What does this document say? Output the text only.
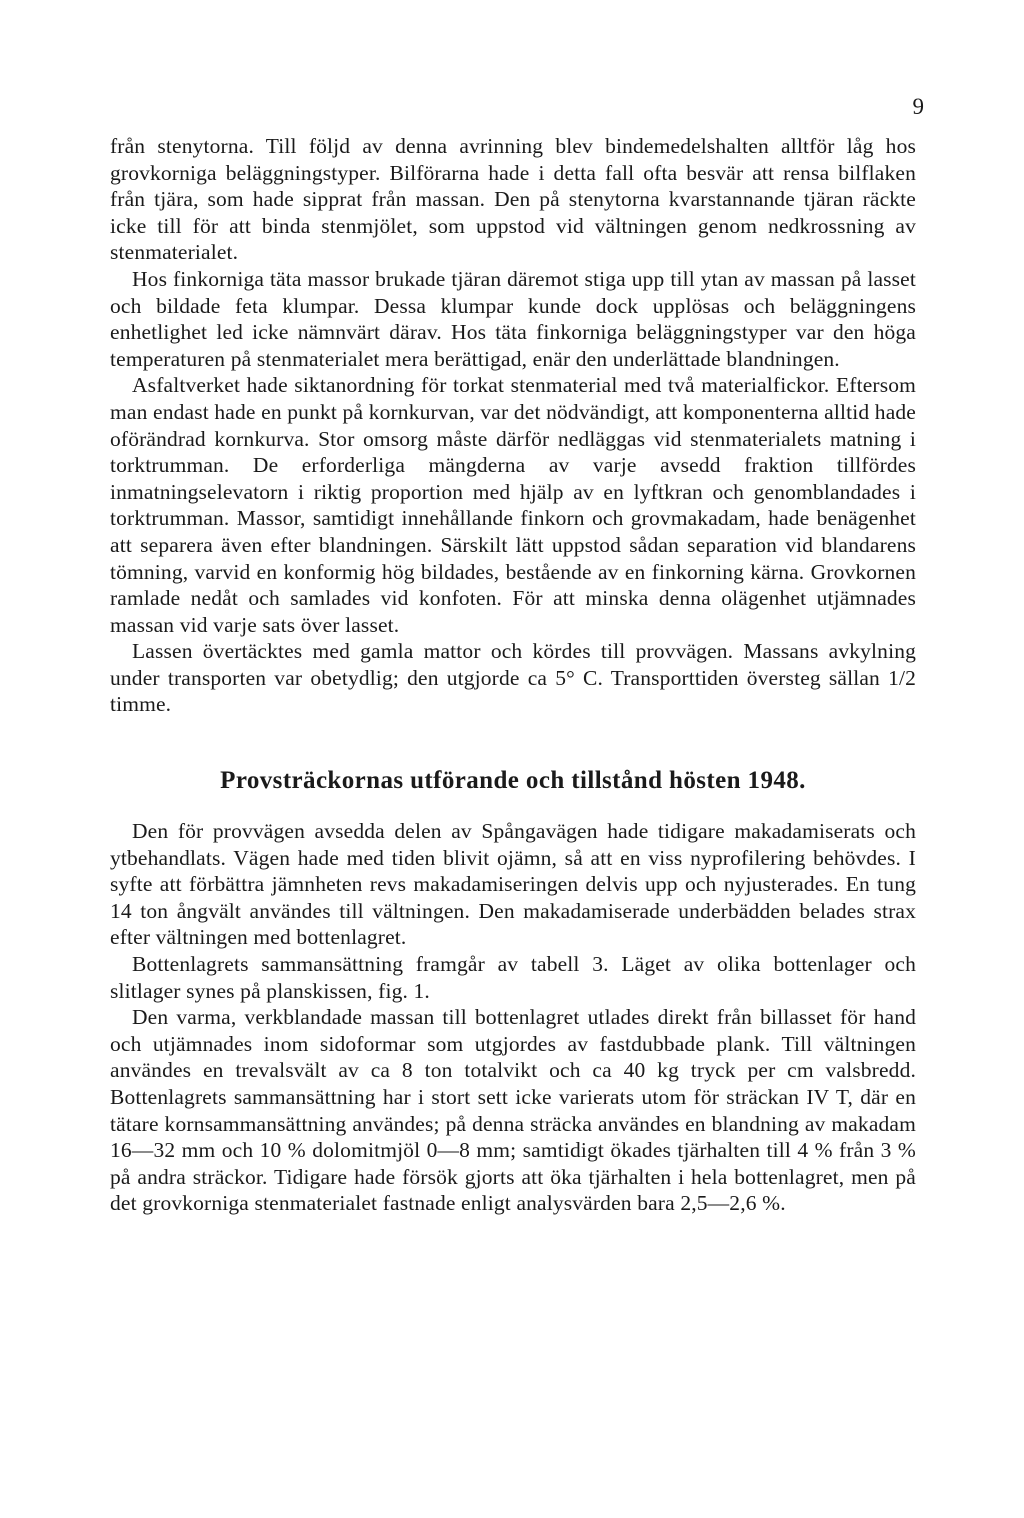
9

från stenytorna. Till följd av denna avrinning blev bindemedelshalten alltför låg hos grovkorniga beläggningstyper. Bilförarna hade i detta fall ofta besvär att rensa bilflaken från tjära, som hade sipprat från massan. Den på stenytorna kvarstannande tjäran räckte icke till för att binda stenmjölet, som uppstod vid vältningen genom nedkrossning av stenmaterialet.

Hos finkorniga täta massor brukade tjäran däremot stiga upp till ytan av massan på lasset och bildade feta klumpar. Dessa klumpar kunde dock upplösas och beläggningens enhetlighet led icke nämnvärt därav. Hos täta finkorniga beläggningstyper var den höga temperaturen på stenmaterialet mera berättigad, enär den underlättade blandningen.

Asfaltverket hade siktanordning för torkat stenmaterial med två materialfickor. Eftersom man endast hade en punkt på kornkurvan, var det nödvändigt, att komponenterna alltid hade oförändrad kornkurva. Stor omsorg måste därför nedläggas vid stenmaterialets matning i torktrumman. De erforderliga mängderna av varje avsedd fraktion tillfördes inmatningselevatorn i riktig proportion med hjälp av en lyftkran och genomblandades i torktrumman. Massor, samtidigt innehållande finkorn och grovmakadam, hade benägenhet att separera även efter blandningen. Särskilt lätt uppstod sådan separation vid blandarens tömning, varvid en konformig hög bildades, bestående av en finkorning kärna. Grovkornen ramlade nedåt och samlades vid konfoten. För att minska denna olägenhet utjämnades massan vid varje sats över lasset.

Lassen övertäcktes med gamla mattor och kördes till provvägen. Massans avkylning under transporten var obetydlig; den utgjorde ca 5° C. Transporttiden översteg sällan 1/2 timme.

Provsträckornas utförande och tillstånd hösten 1948.

Den för provvägen avsedda delen av Spångavägen hade tidigare makadamiserats och ytbehandlats. Vägen hade med tiden blivit ojämn, så att en viss nyprofilering behövdes. I syfte att förbättra jämnheten revs makadamiseringen delvis upp och nyjusterades. En tung 14 ton ångvält användes till vältningen. Den makadamiserade underbädden belades strax efter vältningen med bottenlagret.

Bottenlagrets sammansättning framgår av tabell 3. Läget av olika bottenlager och slitlager synes på planskissen, fig. 1.

Den varma, verkblandade massan till bottenlagret utlades direkt från billasset för hand och utjämnades inom sidoformar som utgjordes av fastdubbade plank. Till vältningen användes en trevalsvält av ca 8 ton totalvikt och ca 40 kg tryck per cm valsbredd. Bottenlagrets sammansättning har i stort sett icke varierats utom för sträckan IV T, där en tätare kornsammansättning användes; på denna sträcka användes en blandning av makadam 16—32 mm och 10 % dolomitmjöl 0—8 mm; samtidigt ökades tjärhalten till 4 % från 3 % på andra sträckor. Tidigare hade försök gjorts att öka tjärhalten i hela bottenlagret, men på det grovkorniga stenmaterialet fastnade enligt analysvärden bara 2,5—2,6 %.
